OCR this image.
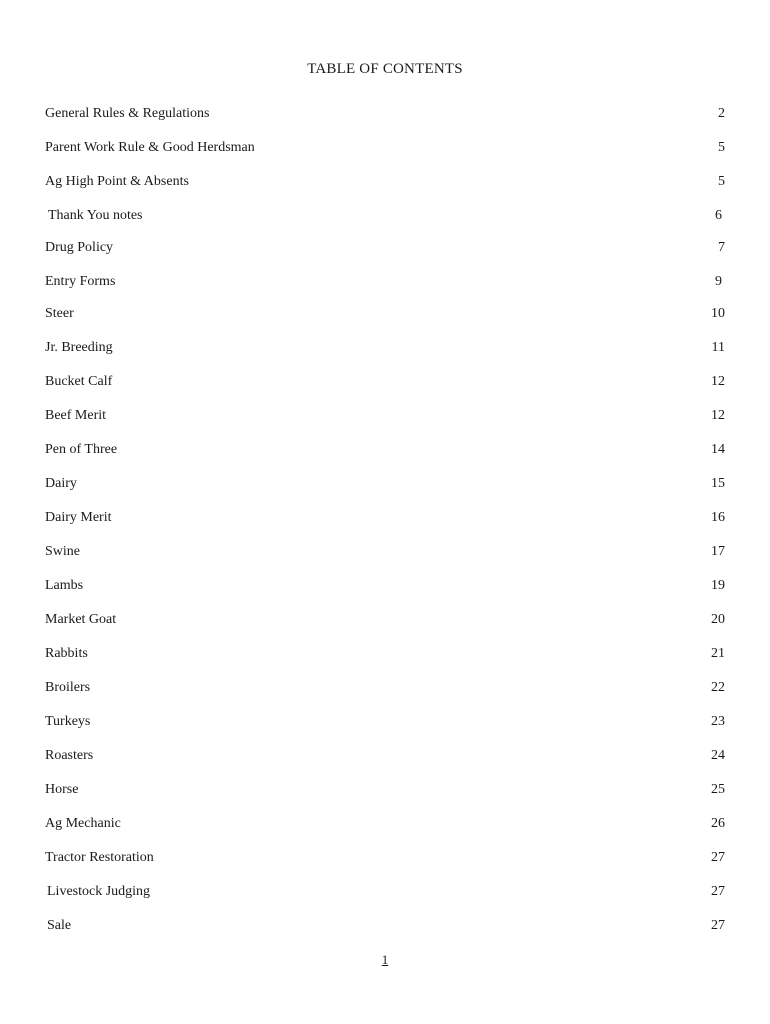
TABLE OF CONTENTS
General Rules & Regulations	2
Parent Work Rule & Good Herdsman	5
Ag High Point & Absents	5
Thank You notes	6
Drug Policy	7
Entry Forms	9
Steer	10
Jr. Breeding	11
Bucket Calf	12
Beef Merit	12
Pen of Three	14
Dairy	15
Dairy Merit	16
Swine	17
Lambs	19
Market Goat	20
Rabbits	21
Broilers	22
Turkeys	23
Roasters	24
Horse	25
Ag Mechanic	26
Tractor Restoration	27
Livestock Judging	27
Sale	27
1
